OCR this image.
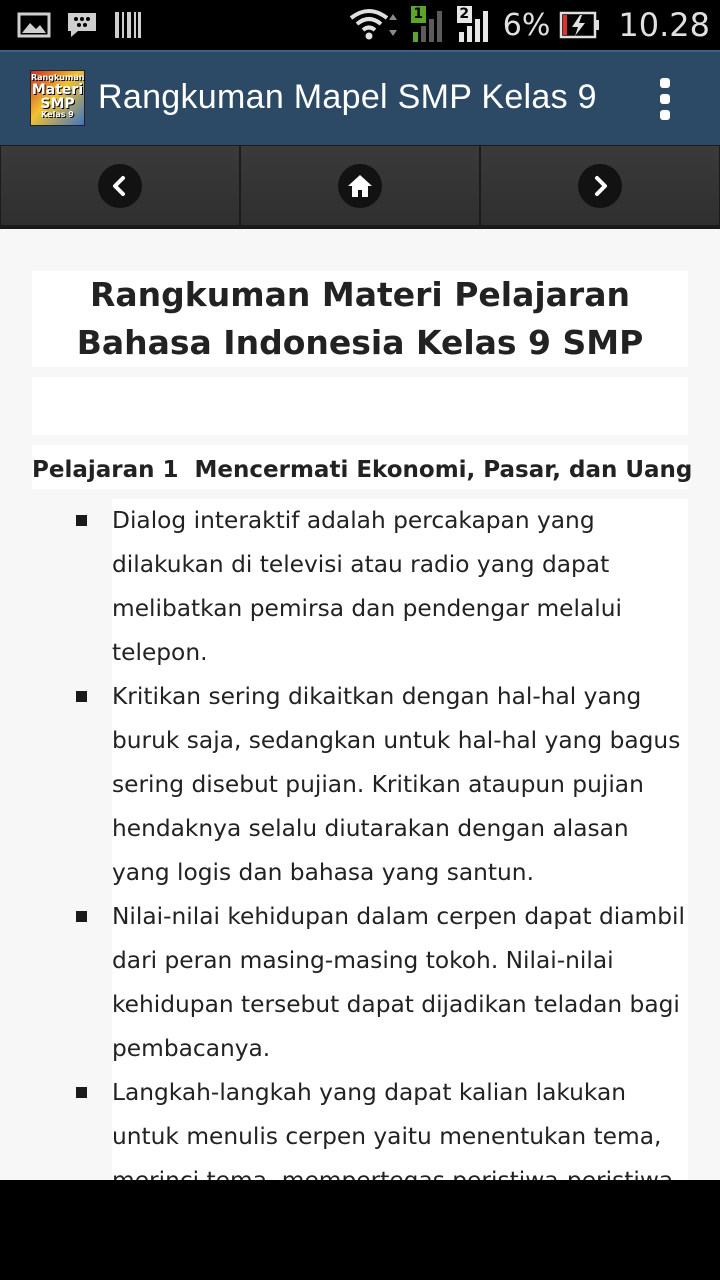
1	2 6% 10.28
Rangkuman
Materi
SMP
Kelas 9 Rangkuman Mapel SMP Kelas 9
Rangkuman Materi Pelajaran Bahasa Indonesia Kelas 9 SMP
Pelajaran 1  Mencermati Ekonomi, Pasar, dan Uang
Dialog interaktif adalah percakapan yang dilakukan di televisi atau radio yang dapat melibatkan pemirsa dan pendengar melalui telepon.
Kritikan sering dikaitkan dengan hal-hal yang buruk saja, sedangkan untuk hal-hal yang bagus sering disebut pujian. Kritikan ataupun pujian hendaknya selalu diutarakan dengan alasan yang logis dan bahasa yang santun.
Nilai-nilai kehidupan dalam cerpen dapat diambil dari peran masing-masing tokoh. Nilai-nilai kehidupan tersebut dapat dijadikan teladan bagi pembacanya.
Langkah-langkah yang dapat kalian lakukan untuk menulis cerpen yaitu menentukan tema,
